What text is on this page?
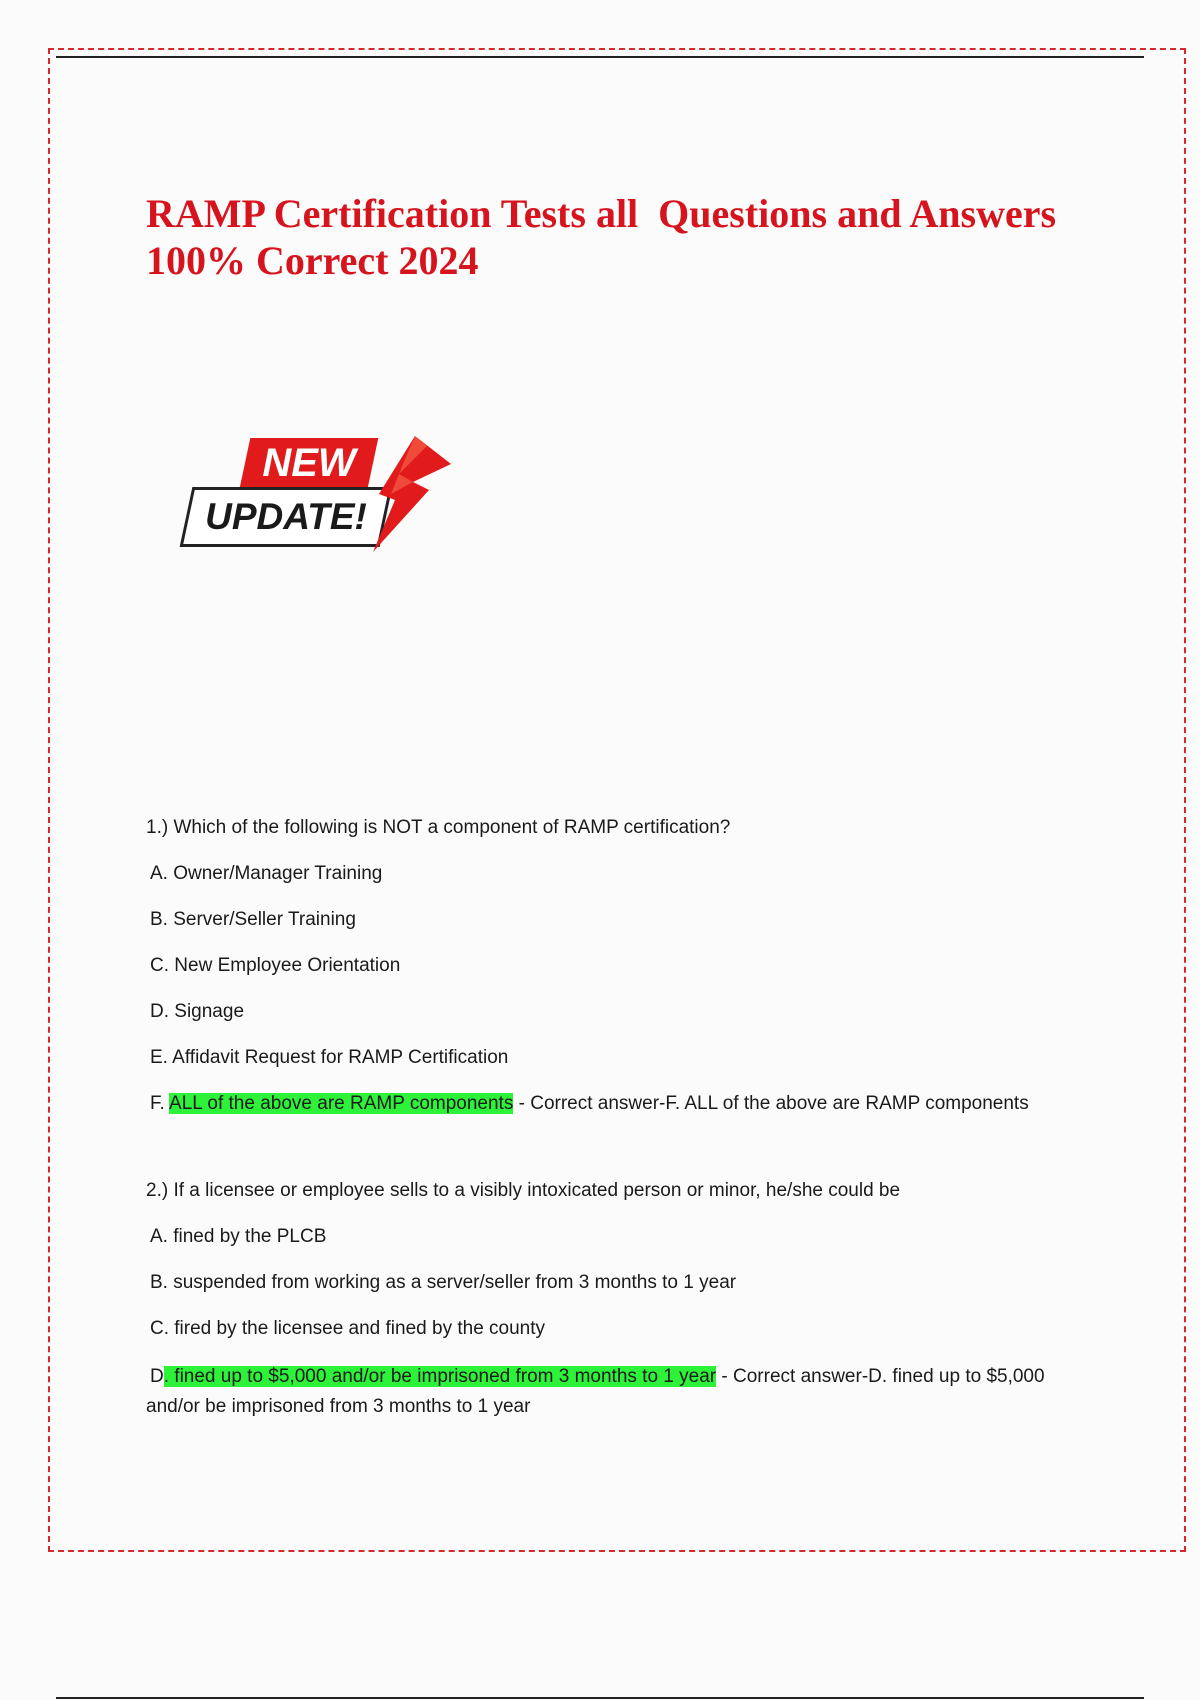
RAMP Certification Tests all  Questions and Answers
100% Correct 2024
NEW
UPDATE!

1.) Which of the following is NOT a component of RAMP certification?

A. Owner/Manager Training

B. Server/Seller Training

C. New Employee Orientation

D. Signage

E. Affidavit Request for RAMP Certification

F. ALL of the above are RAMP components - Correct answer-F. ALL of the above are RAMP components

2.) If a licensee or employee sells to a visibly intoxicated person or minor, he/she could be

A. fined by the PLCB

B. suspended from working as a server/seller from 3 months to 1 year

C. fired by the licensee and fined by the county

D. fined up to $5,000 and/or be imprisoned from 3 months to 1 year - Correct answer-D. fined up to $5,000 and/or be imprisoned from 3 months to 1 year
